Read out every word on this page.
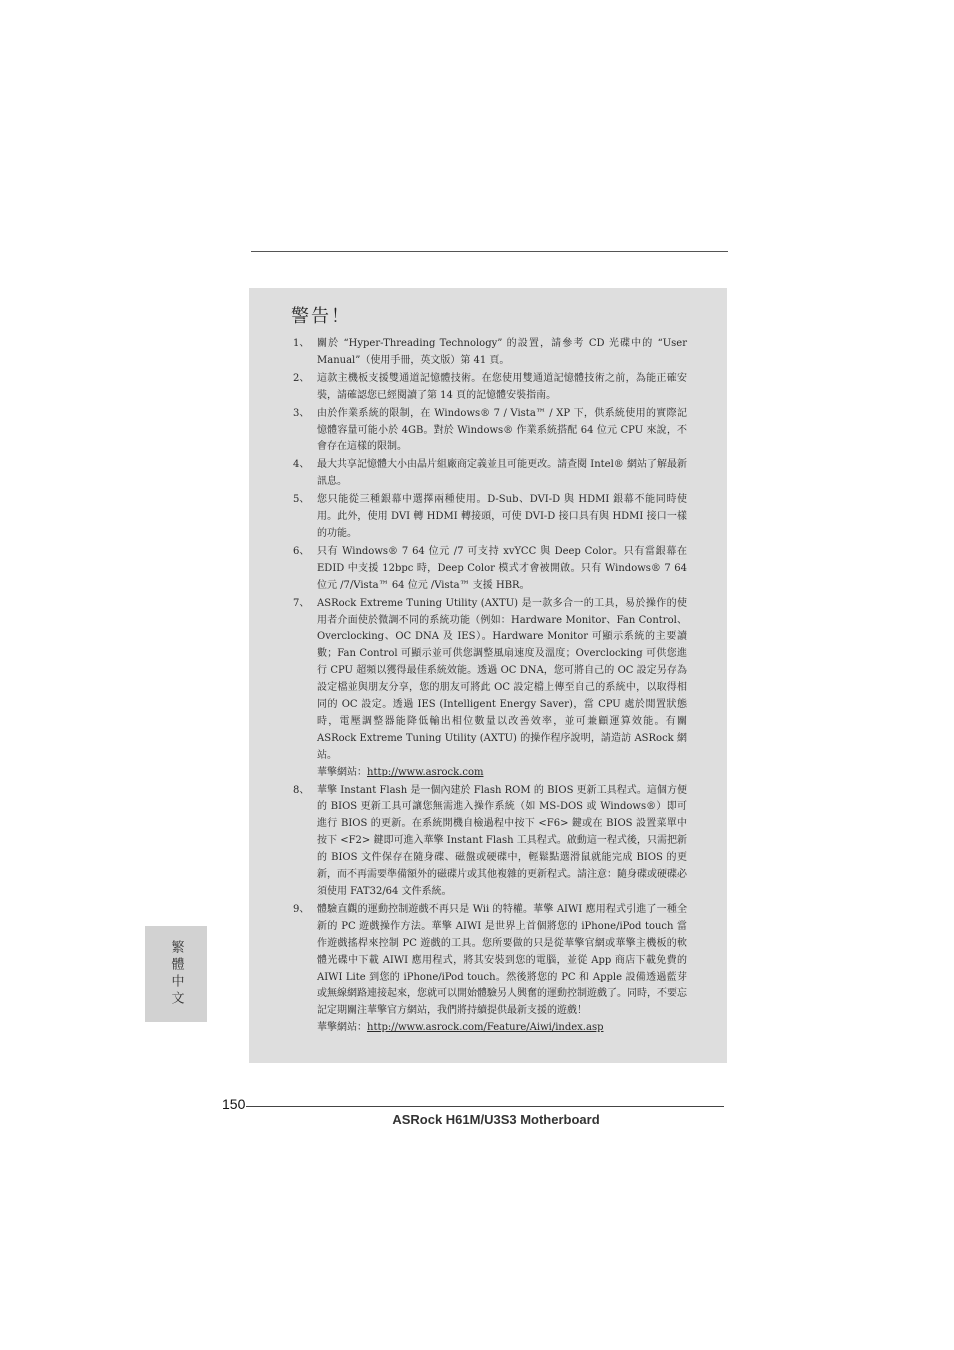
警告！
1、 關於 “Hyper-Threading Technology” 的設置，請參考 CD 光碟中的 “User Manual”（使用手冊，英文版）第 41 頁。
2、 這款主機板支援雙通道記憶體技術。在您使用雙通道記憶體技術之前，為能正確安裝，請確認您已經閱讀了第 14 頁的記憶體安裝指南。
3、 由於作業系統的限制，在 Windows® 7 / Vista™ / XP 下，供系統使用的實際記憶體容量可能小於 4GB。對於 Windows® 作業系統搭配 64 位元 CPU 來說，不會存在這樣的限制。
4、 最大共享記憶體大小由晶片組廠商定義並且可能更改。請查閱 Intel® 網站了解最新訊息。
5、 您只能從三種銀幕中選擇兩種使用。D-Sub、DVI-D 與 HDMI 銀幕不能同時使用。此外，使用 DVI 轉 HDMI 轉接頭，可使 DVI-D 接口具有與 HDMI 接口一樣的功能。
6、 只有 Windows® 7 64 位元 /7 可支持 xvYCC 與 Deep Color。只有當銀幕在 EDID 中支援 12bpc 時，Deep Color 模式才會被開啟。只有 Windows® 7 64 位元 /7/Vista™ 64 位元 /Vista™ 支援 HBR。
7、 ASRock Extreme Tuning Utility (AXTU) 是一款多合一的工具，易於操作的使用者介面使於微調不同的系統功能（例如：Hardware Monitor、Fan Control、Overclocking、OC DNA 及 IES）。Hardware Monitor 可顯示系統的主要讀數；Fan Control 可顯示並可供您調整風扇速度及溫度；Overclocking 可供您進行 CPU 超頻以獲得最佳系統效能。透過 OC DNA，您可將自己的 OC 設定另存為設定檔並與朋友分享，您的朋友可將此 OC 設定檔上傳至自己的系統中，以取得相同的 OC 設定。透過 IES (Intelligent Energy Saver)，當 CPU 處於閒置狀態時，電壓調整器能降低輸出相位數量以改善效率，並可兼顧運算效能。有關 ASRock Extreme Tuning Utility (AXTU) 的操作程序說明，請造訪 ASRock 網站。
華擎網站：http://www.asrock.com
8、 華擎 Instant Flash 是一個內建於 Flash ROM 的 BIOS 更新工具程式。這個方便的 BIOS 更新工具可讓您無需進入操作系統（如 MS-DOS 或 Windows®）即可進行 BIOS 的更新。在系統開機自檢過程中按下 <F6> 鍵或在 BIOS 設置菜單中按下 <F2> 鍵即可進入華擎 Instant Flash 工具程式。啟動這一程式後，只需把新的 BIOS 文件保存在隨身碟、磁盤或硬碟中，輕鬆點選滑鼠就能完成 BIOS 的更新，而不再需要準備額外的磁碟片或其他複雜的更新程式。請注意：隨身碟或硬碟必須使用 FAT32/64 文件系統。
9、 體驗直觀的運動控制遊戲不再只是 Wii 的特權。華擎 AIWI 應用程式引進了一種全新的 PC 遊戲操作方法。華擎 AIWI 是世界上首個將您的 iPhone/iPod touch 當作遊戲搖桿來控制 PC 遊戲的工具。您所要做的只是從華擎官網或華擎主機板的軟體光碟中下載 AIWI 應用程式，將其安裝到您的電腦，並從 App 商店下載免費的 AIWI Lite 到您的 iPhone/iPod touch。然後將您的 PC 和 Apple 設備透過藍芽或無線網路連接起來，您就可以開始體驗另人興奮的運動控制遊戲了。同時，不要忘記定期關注華擎官方網站，我們將持續提供最新支援的遊戲！
華擎網站：http://www.asrock.com/Feature/Aiwi/index.asp
繁體中文
150
ASRock H61M/U3S3 Motherboard
